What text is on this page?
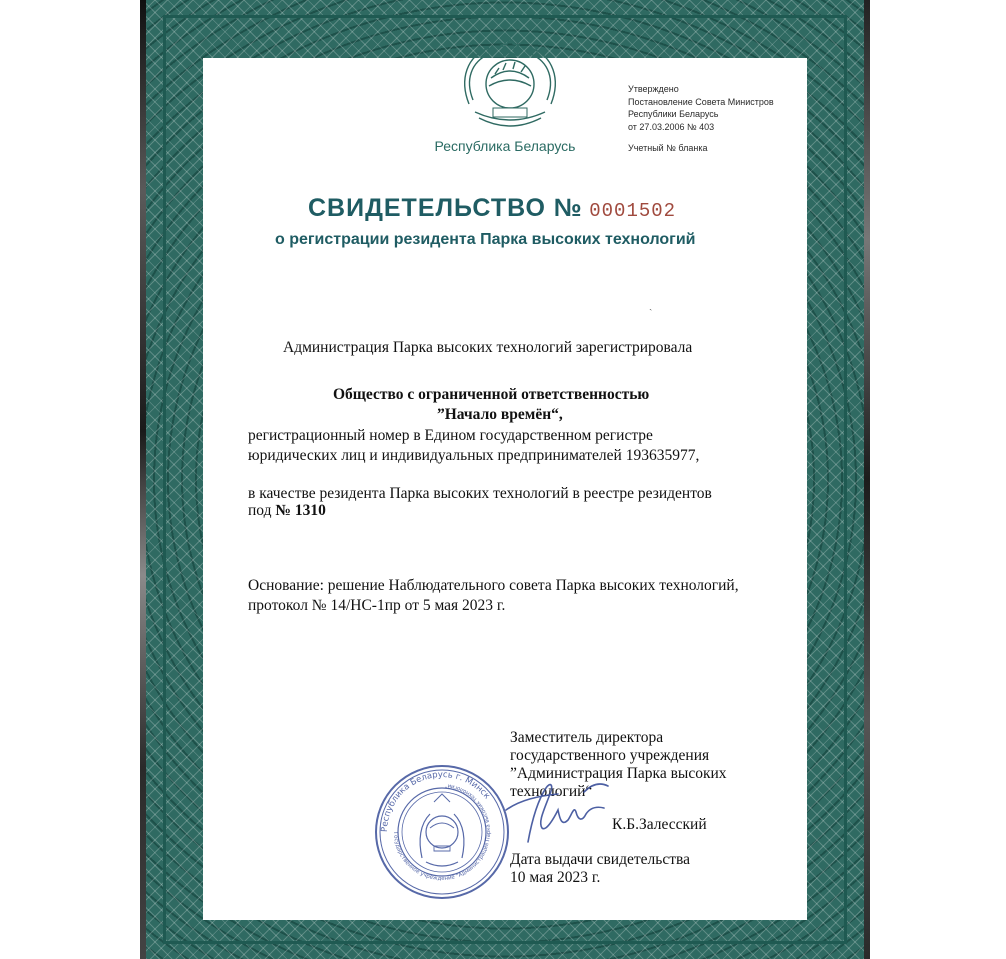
Республика Беларусь
Утверждено
Постановление Совета Министров
Республики Беларусь
от 27.03.2006 № 403
Учетный № бланка
СВИДЕТЕЛЬСТВО № 0001502
о регистрации резидента Парка высоких технологий
ˎ
Администрация Парка высоких технологий зарегистрировала
Общество с ограниченной ответственностью
”Начало времён“,
регистрационный номер в Едином государственном регистре
юридических лиц и индивидуальных предпринимателей 193635977,
в качестве резидента Парка высоких технологий в реестре резидентов
под № 1310
Основание: решение Наблюдательного совета Парка высоких технологий,
протокол № 14/НС-1пр от 5 мая 2023 г.
Заместитель директора
государственного учреждения
”Администрация Парка высоких
технологий“
К.Б.Залесский
Дата выдачи свидетельства
10 мая 2023 г.
Республика Беларусь г. Минск
Государственное учреждение "Администрация Парка высоких технологий"
